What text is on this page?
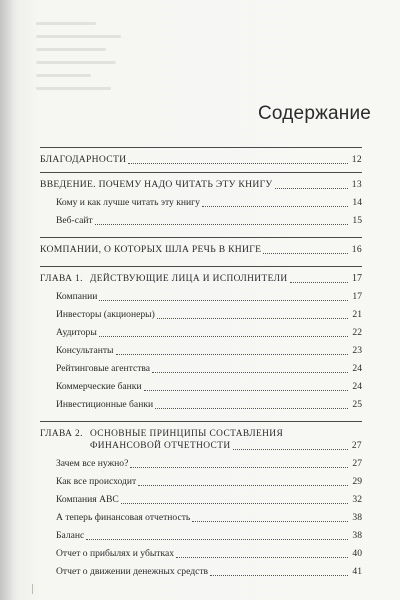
Содержание
БЛАГОДАРНОСТИ	12
ВВЕДЕНИЕ. ПОЧЕМУ НАДО ЧИТАТЬ ЭТУ КНИГУ	13
Кому и как лучше читать эту книгу	14
Веб-сайт	15
КОМПАНИИ, О КОТОРЫХ ШЛА РЕЧЬ В КНИГЕ	16
ГЛАВА 1. ДЕЙСТВУЮЩИЕ ЛИЦА И ИСПОЛНИТЕЛИ	17
Компании	17
Инвесторы (акционеры)	21
Аудиторы	22
Консультанты	23
Рейтинговые агентства	24
Коммерческие банки	24
Инвестиционные банки	25
ГЛАВА 2. ОСНОВНЫЕ ПРИНЦИПЫ СОСТАВЛЕНИЯ
ФИНАНСОВОЙ ОТЧЕТНОСТИ	27
Зачем все нужно?	27
Как все происходит	29
Компания ABC	32
А теперь финансовая отчетность	38
Баланс	38
Отчет о прибылях и убытках	40
Отчет о движении денежных средств	41
